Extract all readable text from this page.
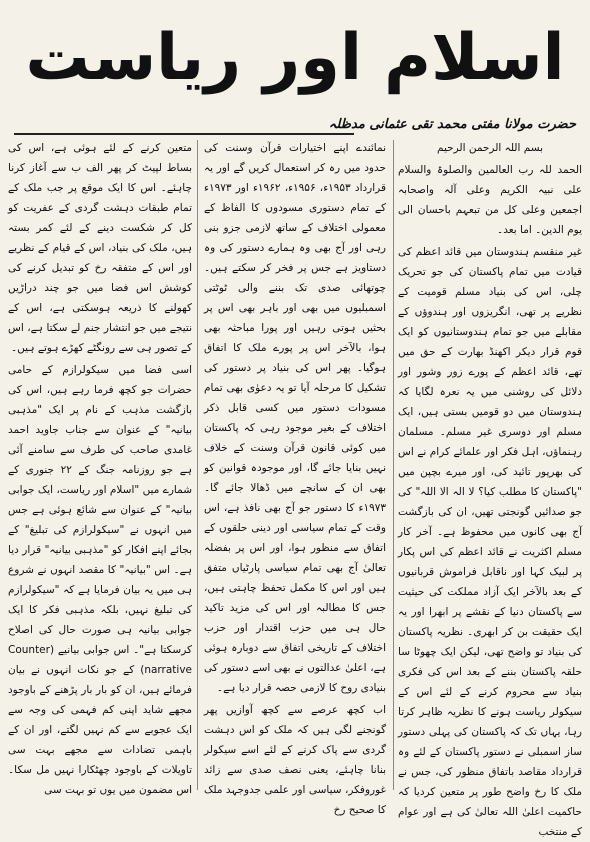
اسلام اور ریاست
حضرت مولانا مفتی محمد تقی عثمانی مدظلہ

بسم اللہ الرحمن الرحیم

الحمد للہ رب العالمین والصلوۃ والسلام علی نبیہ الکریم وعلی آلہ واصحابہ اجمعین وعلی کل من تبعہم باحسان الی یوم الدین۔ اما بعد۔

غیر منقسم ہندوستان میں قائد اعظم کی قیادت میں تمام پاکستان کی جو تحریک چلی، اس کی بنیاد مسلم قومیت کے نظریے پر تھی، انگریزوں اور ہندوؤں کے مقابلے میں جو تمام ہندوستانیوں کو ایک قوم قرار دیکر اکھنڈ بھارت کے حق میں تھے، قائد اعظم کے پورے زور وشور اور دلائل کی روشنی میں یہ نعرہ لگایا کہ ہندوستان میں دو قومیں بستی ہیں، ایک مسلم اور دوسری غیر مسلم۔ مسلمان رہنماؤں، اہل فکر اور علمائے کرام نے اس کی بھرپور تائید کی، اور میرے بچپن میں "پاکستان کا مطلب کیا؟ لا الہ الا اللہ" کی جو صدائیں گونجتی تھیں، ان کی بازگشت آج بھی کانوں میں محفوظ ہے۔ آخر کار مسلم اکثریت نے قائد اعظم کی اس پکار پر لبیک کہا اور ناقابل فراموش قربانیوں کے بعد بالآخر ایک آزاد مملکت کی حیثیت سے پاکستان دنیا کے نقشے پر ابھرا اور یہ ایک حقیقت بن کر ابھری۔ نظریہ پاکستان کی بنیاد تو واضح تھی، لیکن ایک چھوٹا سا حلقہ پاکستان بننے کے بعد اس کی فکری بنیاد سے محروم کرنے کے لئے اس کے سیکولر ریاست ہونے کا نظریہ ظاہر کرتا رہا، یہاں تک کہ پاکستان کی پہلی دستور ساز اسمبلی نے دستور پاکستان کے لئے وہ قرارداد مقاصد باتفاق منظور کی، جس نے ملک کا رخ واضح طور پر متعین کردیا کہ حاکمیت اعلیٰ اللہ تعالیٰ کی ہے اور عوام کے منتخب

نمائندے اپنے اختیارات قرآن وسنت کی حدود میں رہ کر استعمال کریں گے اور یہ قرارداد ۱۹۵۳ء، ۱۹۵۶ء، ۱۹۶۲ء اور ۱۹۷۳ء کے تمام دستوری مسودوں کا الفاظ کے معمولی اختلاف کے ساتھ لازمی جزو بنی رہی اور آج بھی وہ ہمارے دستور کی وہ دستاویز ہے جس پر فخر کر سکتے ہیں۔ چوتھائی صدی تک بننے والی ٹوٹتی اسمبلیوں میں بھی اور باہر بھی اس پر بحثیں ہوتی رہیں اور پورا مباحثہ بھی ہوا، بالآخر اس پر پورے ملک کا اتفاق ہوگیا۔ پھر اس کی بنیاد پر دستور کی تشکیل کا مرحلہ آیا تو یہ دعوٰی بھی تمام مسودات دستور میں کسی قابل ذکر اختلاف کے بغیر موجود رہی کہ پاکستان میں کوئی قانون قرآن وسنت کے خلاف نہیں بنایا جائے گا، اور موجودہ قوانین کو بھی ان کے سانچے میں ڈھالا جائے گا۔ ۱۹۷۳ء کا دستور جو آج بھی نافذ ہے، اس وقت کے تمام سیاسی اور دینی حلقوں کے اتفاق سے منظور ہوا، اور اس پر بفضلہ تعالیٰ آج بھی تمام سیاسی پارٹیاں متفق ہیں اور اس کا مکمل تحفظ چاہتی ہیں، جس کا مطالبہ اور اس کی مزید تاکید حال ہی میں حزب اقتدار اور حزب اختلاف کے تاریخی اتفاق سے دوبارہ ہوئی ہے، اعلیٰ عدالتوں نے بھی اسے دستور کی بنیادی روح کا لازمی حصہ قرار دیا ہے۔

اب کچھ عرصے سے کچھ آوازیں پھر گونجنے لگی ہیں کہ ملک کو اس دہشت گردی سے پاک کرنے کے لئے اسے سیکولر بنانا چاہئے، یعنی نصف صدی سے زائد غوروفکر، سیاسی اور علمی جدوجہد ملک کا صحیح رخ

متعین کرنے کے لئے ہوئی ہے، اس کی بساط لپیٹ کر پھر الف ب سے آغاز کرنا چاہئے۔ اس کا ایک موقع پر جب ملک کے تمام طبقات دہشت گردی کے عفریت کو کل کر شکست دینے کے لئے کمر بستہ ہیں، ملک کی بنیاد، اس کے قیام کے نظریے اور اس کے متفقہ رخ کو تبدیل کرنے کی کوشش اس فضا میں جو چند دراڑیں کھولنے کا ذریعہ ہوسکتی ہے، اس کے نتیجے میں جو انتشار جنم لے سکتا ہے، اس کے تصور ہی سے رونگٹے کھڑے ہوتے ہیں۔

اسی فضا میں سیکولرازم کے حامی حضرات جو کچھ فرما رہے ہیں، اس کی بازگشت مذہب کے نام پر ایک "مذہبی بیانیہ" کے عنوان سے جناب جاوید احمد غامدی صاحب کی طرف سے سامنے آئی ہے جو روزنامہ جنگ کے ۲۲ جنوری کے شمارے میں "اسلام اور ریاست، ایک جوابی بیانیہ" کے عنوان سے شائع ہوئی ہے جس میں انہوں نے "سیکولرازم کی تبلیغ" کے بجائے اپنے افکار کو "مذہبی بیانیہ" قرار دیا ہے۔ اس "بیانیہ" کا مقصد انہوں نے شروع ہی میں یہ بیان فرمایا ہے کہ "سیکولرازم کی تبلیغ نہیں، بلکہ مذہبی فکر کا ایک جوابی بیانیہ ہی صورت حال کی اصلاح کرسکتا ہے"۔ اس جوابی بیانیے (Counter narrative) کے جو نکات انہوں نے بیان فرمائے ہیں، ان کو بار بار پڑھنے کے باوجود مجھے شاید اپنی کم فہمی کی وجہ سے ایک عجوبے سے کم نہیں لگتے، اور ان کے باہمی تضادات سے مجھے بہت سی تاویلات کے باوجود چھٹکارا نہیں مل سکا۔ اس مضمون میں یوں تو بہت سی
